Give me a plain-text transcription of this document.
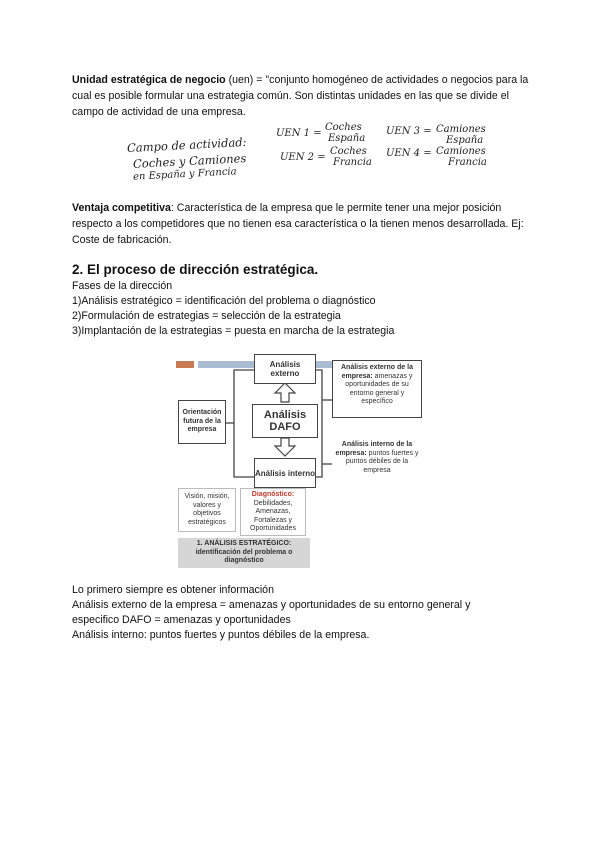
Unidad estratégica de negocio (uen) = "conjunto homogéneo de actividades o negocios para la cual es posible formular una estrategia común. Son distintas unidades en las que se divide el campo de actividad de una empresa.
Campo de actividad:
Coches y Camiones
en España y Francia
UEN 1 =
Coches
España
UEN 2 =
Coches
Francia
UEN 3 = Camiones
España
UEN 4 = Camiones
Francia
Ventaja competitiva: Característica de la empresa que le permite tener una mejor posición respecto a los competidores que no tienen esa característica o la tienen menos desarrollada. Ej: Coste de fabricación.
2. El proceso de dirección estratégica.
Fases de la dirección
1)Análisis estratégico = identificación del problema o diagnóstico
2)Formulación de estrategias = selección de la estrategia
3)Implantación de la estrategias = puesta en marcha de la estrategia
Análisis externo
Análisis DAFO
Análisis interno
Orientación futura de la empresa
Análisis externo de la empresa: amenazas y oportunidades de su entorno general y específico
Análisis interno de la empresa: puntos fuertes y puntos débiles de la empresa
Visión, misión, valores y objetivos estratégicos
Diagnóstico:
Debilidades, Amenazas, Fortalezas y Oportunidades
1. ANÁLISIS ESTRATÉGICO: identificación del problema o diagnóstico
Lo primero siempre es obtener información
Análisis externo de la empresa = amenazas y oportunidades de su entorno general y
especifico DAFO = amenazas y oportunidades
Análisis interno: puntos fuertes y puntos débiles de la empresa.
